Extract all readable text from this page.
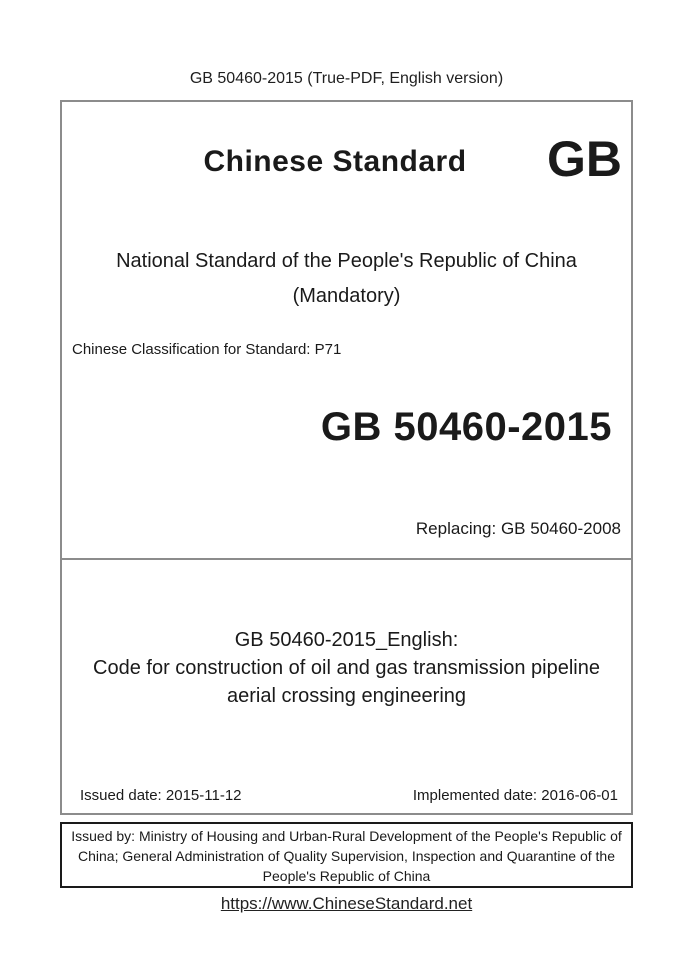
GB 50460-2015 (True-PDF, English version)
Chinese Standard	GB
National Standard of the People's Republic of China
(Mandatory)
Chinese Classification for Standard: P71
GB 50460-2015
Replacing: GB 50460-2008
GB 50460-2015_English:
Code for construction of oil and gas transmission pipeline
aerial crossing engineering
Issued date: 2015-11-12	Implemented date: 2016-06-01
Issued by: Ministry of Housing and Urban-Rural Development of the People's Republic of
China; General Administration of Quality Supervision, Inspection and Quarantine of the
People's Republic of China
https://www.ChineseStandard.net
